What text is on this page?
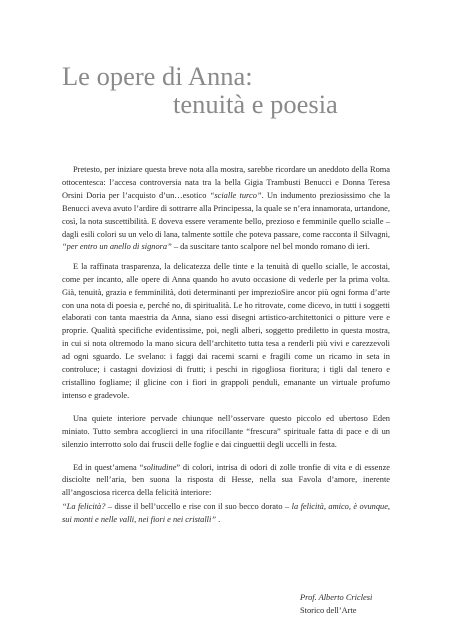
Le opere di Anna:
tenuità e poesia

Pretesto, per iniziare questa breve nota alla mostra, sarebbe ricordare un aneddoto della Roma ottocentesca: l’accesa controversia nata tra la bella Gigia Trambusti Benucci e Donna Teresa Orsini Doria per l’acquisto d’un…esotico “scialle turco”. Un indumento preziosissimo che la Benucci aveva avuto l’ardire di sottrarre alla Principessa, la quale se n’era innamorata, urtandone, così, la nota suscettibilità. E doveva essere veramente bello, prezioso e femminile quello scialle – dagli esili colori su un velo di lana, talmente sottile che poteva passare, come racconta il Silvagni, “per entro un anello di signora” – da suscitare tanto scalpore nel bel mondo romano di ieri.

E la raffinata trasparenza, la delicatezza delle tinte e la tenuità di quello scialle, le accostai, come per incanto, alle opere di Anna quando ho avuto occasione di vederle per la prima volta. Già, tenuità, grazia e femminilità, doti determinanti per imprezioSire ancor più ogni forma d’arte con una nota di poesia e, perché no, di spiritualità. Le ho ritrovate, come dicevo, in tutti i soggetti elaborati con tanta maestria da Anna, siano essi disegni artistico-architettonici o pitture vere e proprie. Qualità specifiche evidentissime, poi, negli alberi, soggetto prediletto in questa mostra, in cui si nota oltremodo la mano sicura dell’architetto tutta tesa a renderli più vivi e carezzevoli ad ogni sguardo. Le svelano: i faggi dai racemi scarni e fragili come un ricamo in seta in controluce; i castagni doviziosi di frutti; i peschi in rigogliosa fioritura; i tigli dal tenero e cristallino fogliame; il glicine con i fiori in grappoli penduli, emanante un virtuale profumo intenso e gradevole.

Una quiete interiore pervade chiunque nell’osservare questo piccolo ed ubertoso Eden miniato. Tutto sembra accoglierci in una rifocillante “frescura” spirituale fatta di pace e di un silenzio interrotto solo dai fruscii delle foglie e dai cinguettii degli uccelli in festa.

Ed in quest’amena “solitudine” di colori, intrisa di odori di zolle tronfie di vita e di essenze disciolte nell’aria, ben suona la risposta di Hesse, nella sua Favola d’amore, inerente all’angosciosa ricerca della felicità interiore:

“La felicità? – disse il bell’uccello e rise con il suo becco dorato – la felicità, amico, è ovunque, sui monti e nelle valli, nei fiori e nei cristalli” .

Prof. Alberto Criclesi
Storico dell’Arte
